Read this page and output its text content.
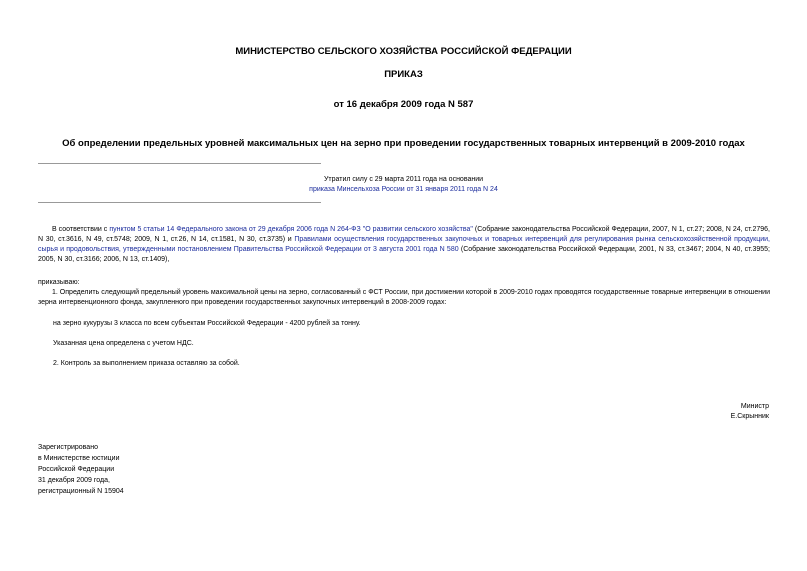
МИНИСТЕРСТВО СЕЛЬСКОГО ХОЗЯЙСТВА РОССИЙСКОЙ ФЕДЕРАЦИИ
ПРИКАЗ
от 16 декабря 2009 года N 587
Об определении предельных уровней максимальных цен на зерно при проведении государственных товарных интервенций в 2009-2010 годах
Утратил силу с 29 марта 2011 года на основании
приказа Минсельхоза России от 31 января 2011 года N 24
В соответствии с пунктом 5 статьи 14 Федерального закона от 29 декабря 2006 года N 264-ФЗ "О развитии сельского хозяйства" (Собрание законодательства Российской Федерации, 2007, N 1, ст.27; 2008, N 24, ст.2796, N 30, ст.3616, N 49, ст.5748; 2009, N 1, ст.26, N 14, ст.1581, N 30, ст.3735) и Правилами осуществления государственных закупочных и товарных интервенций для регулирования рынка сельскохозяйственной продукции, сырья и продовольствия, утвержденными постановлением Правительства Российской Федерации от 3 августа 2001 года N 580 (Собрание законодательства Российской Федерации, 2001, N 33, ст.3467; 2004, N 40, ст.3955; 2005, N 30, ст.3166; 2006, N 13, ст.1409),
приказываю:
1. Определить следующий предельный уровень максимальной цены на зерно, согласованный с ФСТ России, при достижении которой в 2009-2010 годах проводятся государственные товарные интервенции в отношении зерна интервенционного фонда, закупленного при проведении государственных закупочных интервенций в 2008-2009 годах:
на зерно кукурузы 3 класса по всем субъектам Российской Федерации - 4200 рублей за тонну.
Указанная цена определена с учетом НДС.
2. Контроль за выполнением приказа оставляю за собой.
Министр
Е.Скрынник
Зарегистрировано
в Министерстве юстиции
Российской Федерации
31 декабря 2009 года,
регистрационный N 15904
